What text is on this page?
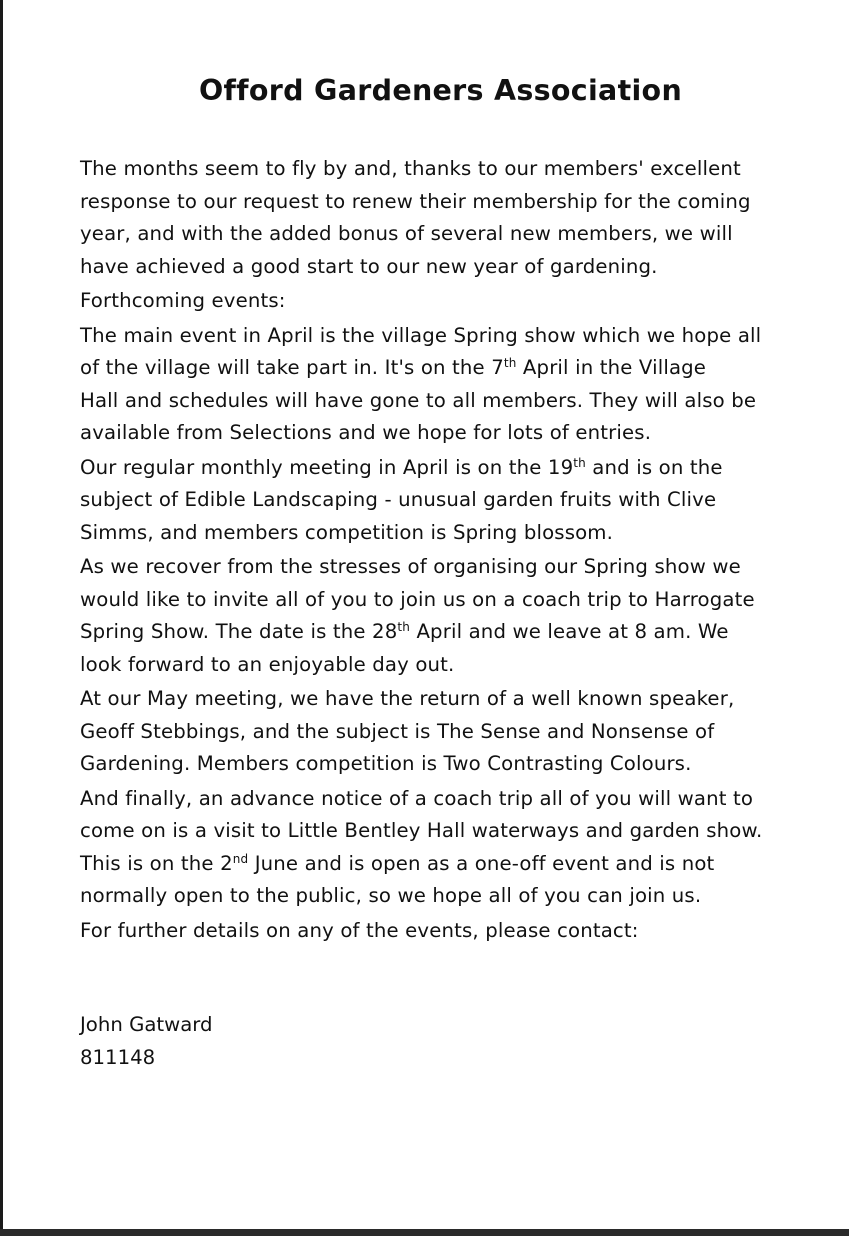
Offord Gardeners Association

The months seem to fly by and, thanks to our members' excellent
response to our request to renew their membership for the coming
year, and with the added bonus of several new members, we will
have achieved a good start to our new year of gardening.

Forthcoming events:

The main event in April is the village Spring show which we hope all
of the village will take part in. It's on the 7th April in the Village
Hall and schedules will have gone to all members. They will also be
available from Selections and we hope for lots of entries.

Our regular monthly meeting in April is on the 19th and is on the
subject of Edible Landscaping - unusual garden fruits with Clive
Simms, and members competition is Spring blossom.

As we recover from the stresses of organising our Spring show we
would like to invite all of you to join us on a coach trip to Harrogate
Spring Show. The date is the 28th April and we leave at 8 am. We
look forward to an enjoyable day out.

At our May meeting, we have the return of a well known speaker,
Geoff Stebbings, and the subject is The Sense and Nonsense of
Gardening. Members competition is Two Contrasting Colours.

And finally, an advance notice of a coach trip all of you will want to
come on is a visit to Little Bentley Hall waterways and garden show.
This is on the 2nd June and is open as a one-off event and is not
normally open to the public, so we hope all of you can join us.

For further details on any of the events, please contact:

John Gatward
811148
